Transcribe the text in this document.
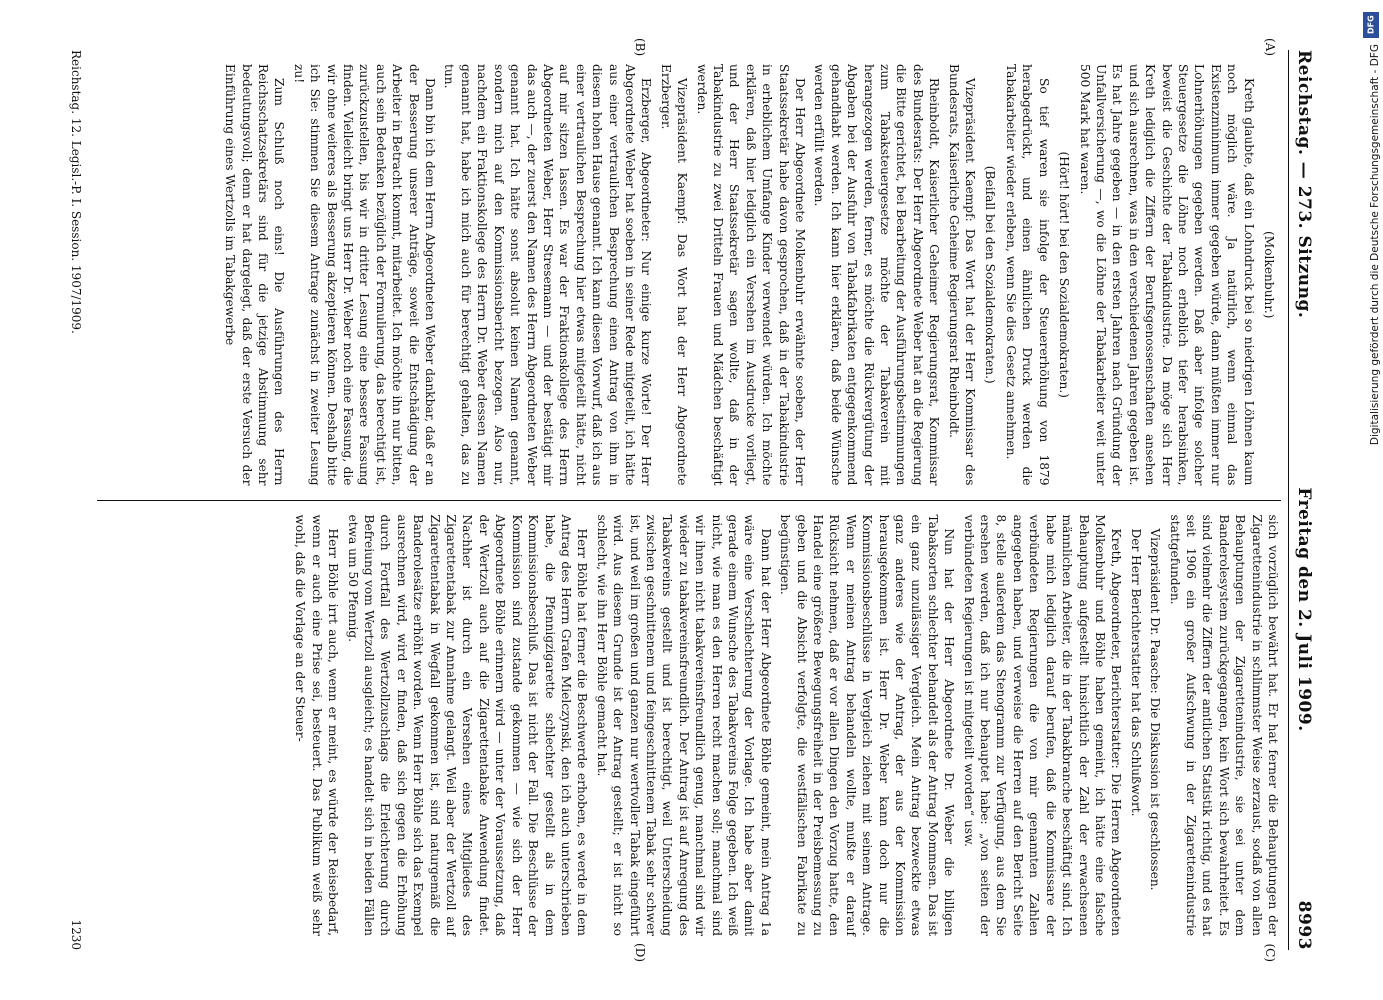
Reichstag. — 273. Sitzung.
Freitag den 2. Juli 1909.
8993

(Molkenbuhr.)

Kreth glaubte, daß ein Lohndruck bei so niedrigen Löhnen kaum noch möglich wäre. Ja natürlich, wenn einmal das Existenzminimum immer gegeben würde, dann müßten immer nur Lohnerhöhungen gegeben werden. Daß aber infolge solcher Steuergesetze die Löhne noch erheblich tiefer herabsinken, beweist die Geschichte der Tabakindustrie. Da möge sich Herr Kreth lediglich die Ziffern der Berufsgenossenschaften ansehen und sich ausrechnen, was in den verschiedenen Jahren gegeben ist. Es hat Jahre gegeben — in den ersten Jahren nach Gründung der Unfallversicherung —, wo die Löhne der Tabakarbeiter weit unter 500 Mark hat waren.

(Hört! hört! bei den Sozialdemokraten.)

So tief waren sie infolge der Steuererhöhung von 1879 herabgedrückt, und einen ähnlichen Druck werden die Tabakarbeiter wieder erleben, wenn Sie dies Gesetz annehmen.

(Beifall bei den Sozialdemokraten.)

Vizepräsident Kaempf: Das Wort hat der Herr Kommissar des Bundesrats, Kaiserliche Geheime Regierungsrat Rheinboldt.

Rheinboldt, Kaiserlicher Geheimer Regierungsrat, Kommissar des Bundesrats: Der Herr Abgeordnete Weber hat an die Regierung die Bitte gerichtet, bei Bearbeitung der Ausführungsbestimmungen zum Tabaksteuergesetze möchte der Tabakverein mit herangezogen werden, ferner, es möchte die Rückvergütung der Abgaben bei der Ausfuhr von Tabakfabrikaten entgegenkommend gehandhabt werden. Ich kann hier erklären, daß beide Wünsche werden erfüllt werden.

Der Herr Abgeordnete Molkenbuhr erwähnte soeben, der Herr Staatssekretär habe davon gesprochen, daß in der Tabakindustrie in erheblichem Umfange Kinder verwendet würden. Ich möchte erklären, daß hier lediglich ein Versehen im Ausdrucke vorliegt, und der Herr Staatssekretär sagen wollte, daß in der Tabakindustrie zu zwei Dritteln Frauen und Mädchen beschäftigt werden.

Vizepräsident Kaempf: Das Wort hat der Herr Abgeordnete Erzberger.

Erzberger, Abgeordneter: Nur einige kurze Worte! Der Herr Abgeordnete Weber hat soeben in seiner Rede mitgeteilt, ich hätte aus einer vertraulichen Besprechung einen Antrag von ihm in diesem hohen Hause genannt. Ich kann diesen Vorwurf, daß ich aus einer vertraulichen Besprechung hier etwas mitgeteilt hätte, nicht auf mir sitzen lassen. Es war der Fraktionskollege des Herrn Abgeordneten Weber, Herr Stresemann — und der bestätigt mir das auch —, der zuerst den Namen des Herrn Abgeordneten Weber genannt hat. Ich hätte sonst absolut keinen Namen genannt, sondern mich auf den Kommissionsbericht bezogen. Also nur, nachdem ein Fraktionskollege des Herrn Dr. Weber dessen Namen genannt hat, habe ich mich auch für berechtigt gehalten, das zu tun.

Dann bin ich dem Herrn Abgeordneten Weber dankbar, daß er an der Besserung unserer Anträge, soweit die Entschädigung der Arbeiter in Betracht kommt, mitarbeitet. Ich möchte ihn nur bitten, auch sein Bedenken bezüglich der Formulierung, das berechtigt ist, zurückzustellen, bis wir in dritter Lesung eine bessere Fassung finden. Vielleicht bringt uns Herr Dr. Weber noch eine Fassung, die wir ohne weiteres als Besserung akzeptieren können. Deshalb bitte ich Sie: stimmen Sie diesem Antrage zunächst in zweiter Lesung zu!

Zum Schluß noch eins! Die Ausführungen des Herrn Reichsschatzsekretärs sind für die jetzige Abstimmung sehr bedeutungsvoll; denn er hat dargelegt, daß der erste Versuch der Einführung eines Wertzolls im Tabakgewerbe

sich vorzüglich bewährt hat. Er hat ferner die Behauptungen der Zigarettenindustrie in schlimmster Weise zerzaust, sodaß von allen Behauptungen der Zigarettenindustrie, sie sei unter dem Banderolesystem zurückgegangen, kein Wort sich bewahrheitet. Es sind vielmehr die Ziffern der amtlichen Statistik richtig, und es hat seit 1906 ein großer Aufschwung in der Zigarettenindustrie stattgefunden.

Vizepräsident Dr. Paasche: Die Diskussion ist geschlossen.

Der Herr Berichterstatter hat das Schlußwort.

Kreth, Abgeordneter, Berichterstatter: Die Herren Abgeordneten Molkenbuhr und Böhle haben gemeint, ich hätte eine falsche Behauptung aufgestellt hinsichtlich der Zahl der erwachsenen männlichen Arbeiter, die in der Tabakbranche beschäftigt sind. Ich habe mich lediglich darauf berufen, daß die Kommissare der verbündeten Regierungen die von mir genannten Zahlen angegeben haben, und verweise die Herren auf den Bericht Seite 8, stelle außerdem das Stenogramm zur Verfügung, aus dem Sie ersehen werden, daß ich nur behauptet habe: „von seiten der verbündeten Regierungen ist mitgeteilt worden“ usw.

Nun hat der Herr Abgeordnete Dr. Weber die billigen Tabaksorten schlechter behandelt als der Antrag Mommsen. Das ist ein ganz unzulässiger Vergleich. Mein Antrag bezweckte etwas ganz anderes wie der Antrag, der aus der Kommission herausgekommen ist. Herr Dr. Weber kann doch nur die Kommissionsbeschlüsse in Vergleich ziehen mit seinem Antrage. Wenn er meinen Antrag behandeln wollte, mußte er darauf Rücksicht nehmen, daß er vor allen Dingen den Vorzug hatte, den Handel eine größere Bewegungsfreiheit in der Preisbemessung zu geben und die Absicht verfolgte, die westfälischen Fabrikate zu begünstigen.

Dann hat der Herr Abgeordnete Böhle gemeint, mein Antrag 1a wäre eine Verschlechterung der Vorlage. Ich habe aber damit gerade einem Wunsche des Tabakvereins Folge gegeben. Ich weiß nicht, wie man es den Herren recht machen soll; manchmal sind wir ihnen nicht tabakvereinsfreundlich genug, manchmal sind wir wieder zu tabakvereinsfreundlich. Der Antrag ist auf Anregung des Tabakvereins gestellt und ist berechtigt, weil Unterscheidung zwischen geschnittenem und feingeschnittenem Tabak sehr schwer ist, und weil im großen und ganzen nur wertvoller Tabak eingeführt wird. Aus diesem Grunde ist der Antrag gestellt; er ist nicht so schlecht, wie ihn Herr Böhle gemacht hat.

Herr Böhle hat ferner die Beschwerde erhoben, es werde in dem Antrag des Herrn Grafen Mielczynski, den ich auch unterschrieben habe, die Pfennigzigarette schlechter gestellt als in dem Kommissionsbeschluß. Das ist nicht der Fall. Die Beschlüsse der Kommission sind zustande gekommen — wie sich der Herr Abgeordnete Böhle erinnern wird — unter der Voraussetzung, daß der Wertzoll auch auf die Zigarettentabake Anwendung findet. Nachher ist durch ein Versehen eines Mitgliedes des Zigarettentabak zur Annahme gelangt. Weil aber der Wertzoll auf Zigarettentabak in Wegfall gekommen ist, sind naturgemäß die Banderolesätze erhöht worden. Wenn Herr Böhle sich das Exempel ausrechnen wird, wird er finden, daß sich gegen die Erhöhung durch Fortfall des Wertzollzuschlags die Erleichterung durch Befreiung vom Wertzoll ausgleicht; es handelt sich in beiden Fällen etwa um 50 Pfennig.

Herr Böhle irrt auch, wenn er meint, es würde der Reisebedarf, wenn er auch eine Prise sei, besteuert. Das Publikum weiß sehr wohl, daß die Vorlage an der Steuer-

(A)
(B)
(C)
(D)
Reichstag. 12. Legisl.-P. I. Session. 1907/1909.
1230
DFG
Digitalisierung gefördert durch die Deutsche Forschungsgemeinschaft - DFG
